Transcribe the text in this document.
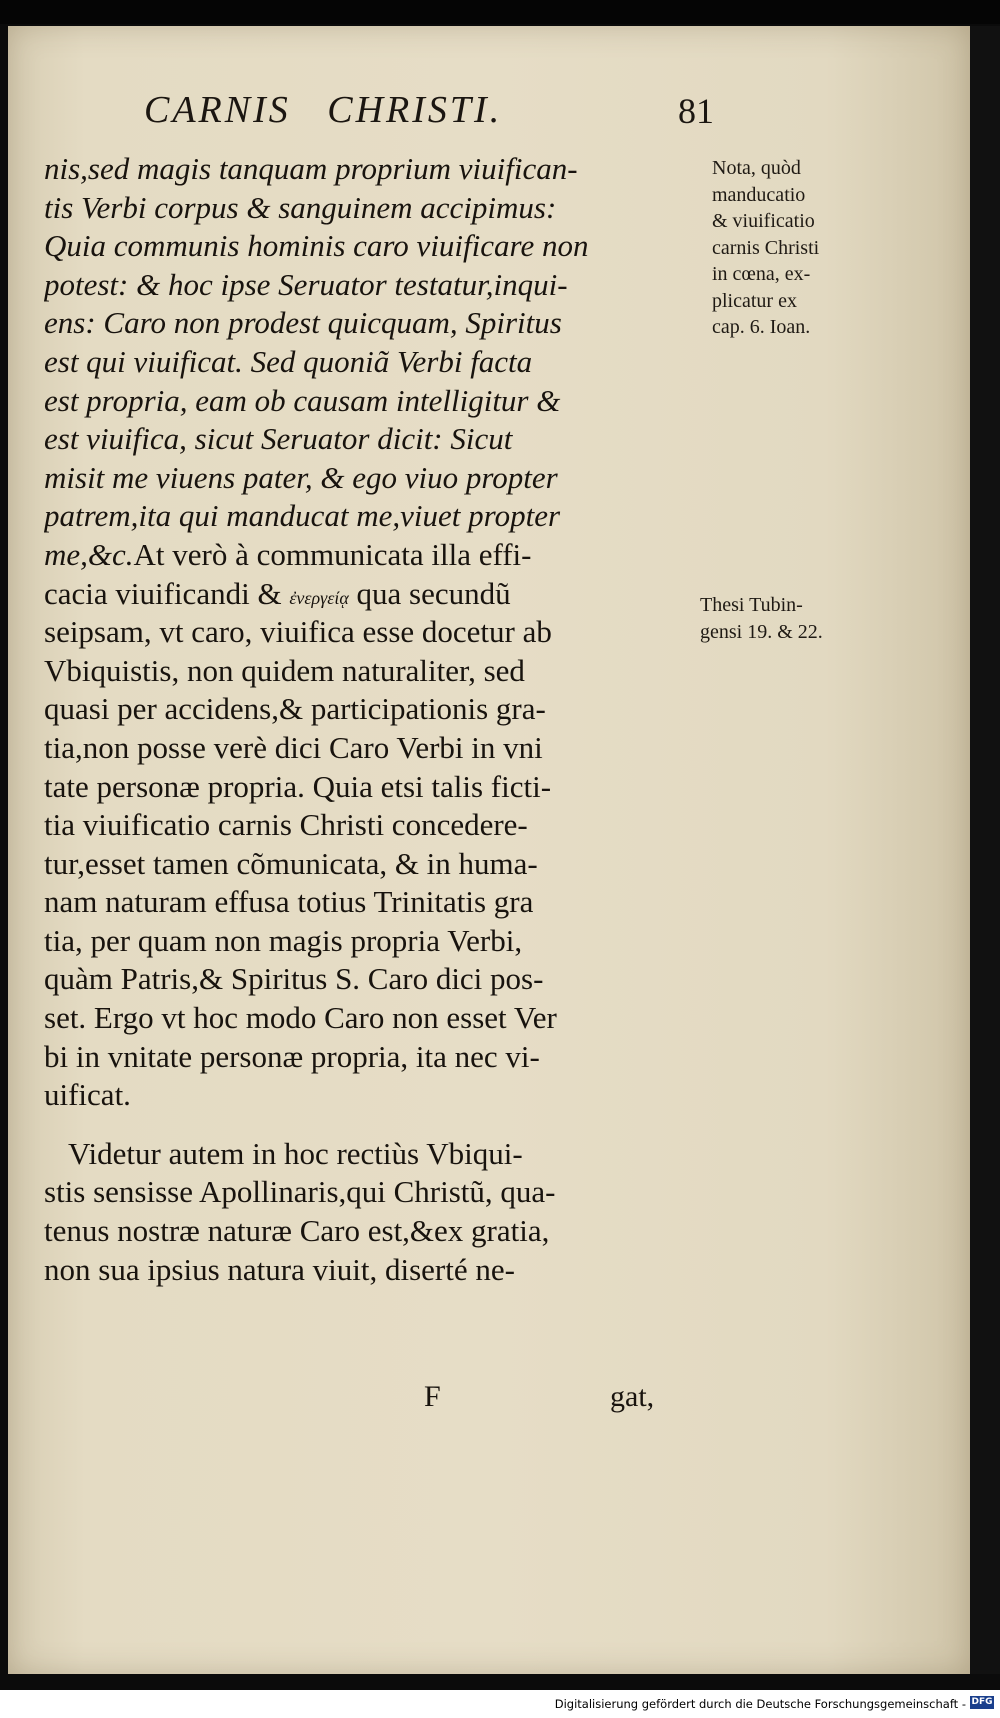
CARNIS CHRISTI.	81
nis,sed magis tanquam proprium viuifican-
tis Verbi corpus & sanguinem accipimus:
Quia communis hominis caro viuificare non
potest: & hoc ipse Seruator testatur,inqui-
ens: Caro non prodest quicquam, Spiritus
est qui viuificat. Sed quoniã Verbi facta
est propria, eam ob causam intelligitur &
est viuifica, sicut Seruator dicit: Sicut
misit me viuens pater, & ego viuo propter
patrem,ita qui manducat me,viuet propter
me,&c.At verò à communicata illa effi-
cacia viuificandi & ἐνεργείᾳ qua secundũ
seipsam, vt caro, viuifica esse docetur ab
Vbiquistis, non quidem naturaliter, sed
quasi per accidens,& participationis gra-
tia,non posse verè dici Caro Verbi in vni
tate personæ propria. Quia etsi talis ficti-
tia viuificatio carnis Christi concedere-
tur,esset tamen cõmunicata, & in huma-
nam naturam effusa totius Trinitatis gra
tia, per quam non magis propria Verbi,
quàm Patris,& Spiritus S. Caro dici pos-
set. Ergo vt hoc modo Caro non esset Ver
bi in vnitate personæ propria, ita nec vi-
uificat.
Videtur autem in hoc rectiùs Vbiqui-
stis sensisse Apollinaris,qui Christũ, qua-
tenus nostræ naturæ Caro est,&ex gratia,
non sua ipsius natura viuit, diserté ne-
Nota, quòd
manducatio
& viuificatio
carnis Christi
in cœna, ex-
plicatur ex
cap. 6. Ioan.
Thesi Tubin-
gensi 19. & 22.
F	gat,
Digitalisierung gefördert durch die Deutsche Forschungsgemeinschaft - DFG
